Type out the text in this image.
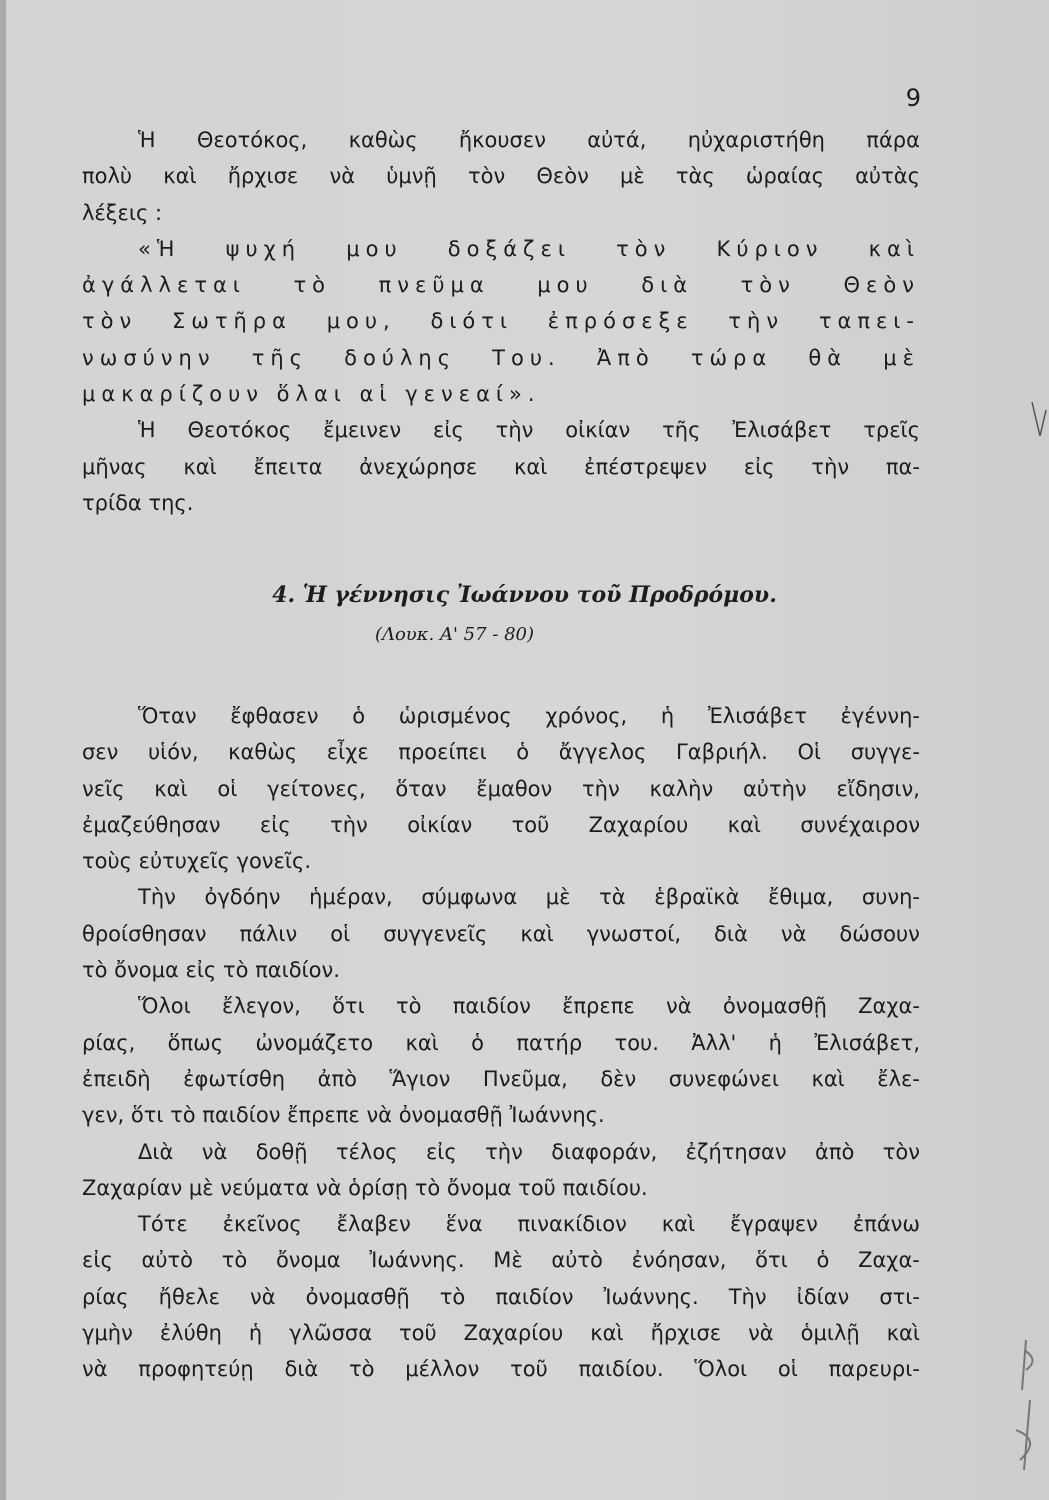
9
Ἡ Θεοτόκος, καθὼς ἤκουσεν αὐτά, ηὐχαριστήθη πάρα
πολὺ καὶ ἤρχισε νὰ ὑμνῇ τὸν Θεὸν μὲ τὰς ὡραίας αὐτὰς
λέξεις :
«Ἡ ψυχή μου δοξάζει τὸν Κύριον καὶ
ἀγάλλεται τὸ πνεῦμα μου διὰ τὸν Θεὸν
τὸν Σωτῆρα μου, διότι ἐπρόσεξε τὴν ταπει-
νωσύνην τῆς δούλης Του. Ἀπὸ τώρα θὰ μὲ
μακαρίζουν ὅλαι αἱ γενεαί».
Ἡ Θεοτόκος ἔμεινεν εἰς τὴν οἰκίαν τῆς Ἐλισάβετ τρεῖς
μῆνας καὶ ἔπειτα ἀνεχώρησε καὶ ἐπέστρεψεν εἰς τὴν πα-
τρίδα της.
4. Ἡ γέννησις Ἰωάννου τοῦ Προδρόμου.
(Λουκ. Α' 57 - 80)
Ὅταν ἔφθασεν ὁ ὡρισμένος χρόνος, ἡ Ἐλισάβετ ἐγέννη-
σεν υἱόν, καθὼς εἶχε προείπει ὁ ἄγγελος Γαβριήλ. Οἱ συγγε-
νεῖς καὶ οἱ γείτονες, ὅταν ἔμαθον τὴν καλὴν αὐτὴν εἴδησιν,
ἐμαζεύθησαν εἰς τὴν οἰκίαν τοῦ Ζαχαρίου καὶ συνέχαιρον
τοὺς εὐτυχεῖς γονεῖς.
Τὴν ὀγδόην ἡμέραν, σύμφωνα μὲ τὰ ἑβραϊκὰ ἔθιμα, συνη-
θροίσθησαν πάλιν οἱ συγγενεῖς καὶ γνωστοί, διὰ νὰ δώσουν
τὸ ὄνομα εἰς τὸ παιδίον.
Ὅλοι ἔλεγον, ὅτι τὸ παιδίον ἔπρεπε νὰ ὀνομασθῇ Ζαχα-
ρίας, ὅπως ὠνομάζετο καὶ ὁ πατήρ του. Ἀλλ' ἡ Ἐλισάβετ,
ἐπειδὴ ἐφωτίσθη ἀπὸ Ἅγιον Πνεῦμα, δὲν συνεφώνει καὶ ἔλε-
γεν, ὅτι τὸ παιδίον ἔπρεπε νὰ ὀνομασθῇ Ἰωάννης.
Διὰ νὰ δοθῇ τέλος εἰς τὴν διαφοράν, ἐζήτησαν ἀπὸ τὸν
Ζαχαρίαν μὲ νεύματα νὰ ὁρίσῃ τὸ ὄνομα τοῦ παιδίου.
Τότε ἐκεῖνος ἔλαβεν ἕνα πινακίδιον καὶ ἔγραψεν ἐπάνω
εἰς αὐτὸ τὸ ὄνομα Ἰωάννης. Μὲ αὐτὸ ἐνόησαν, ὅτι ὁ Ζαχα-
ρίας ἤθελε νὰ ὀνομασθῇ τὸ παιδίον Ἰωάννης. Τὴν ἰδίαν στι-
γμὴν ἐλύθη ἡ γλῶσσα τοῦ Ζαχαρίου καὶ ἤρχισε νὰ ὁμιλῇ καὶ
νὰ προφητεύῃ διὰ τὸ μέλλον τοῦ παιδίου. Ὅλοι οἱ παρευρι-
